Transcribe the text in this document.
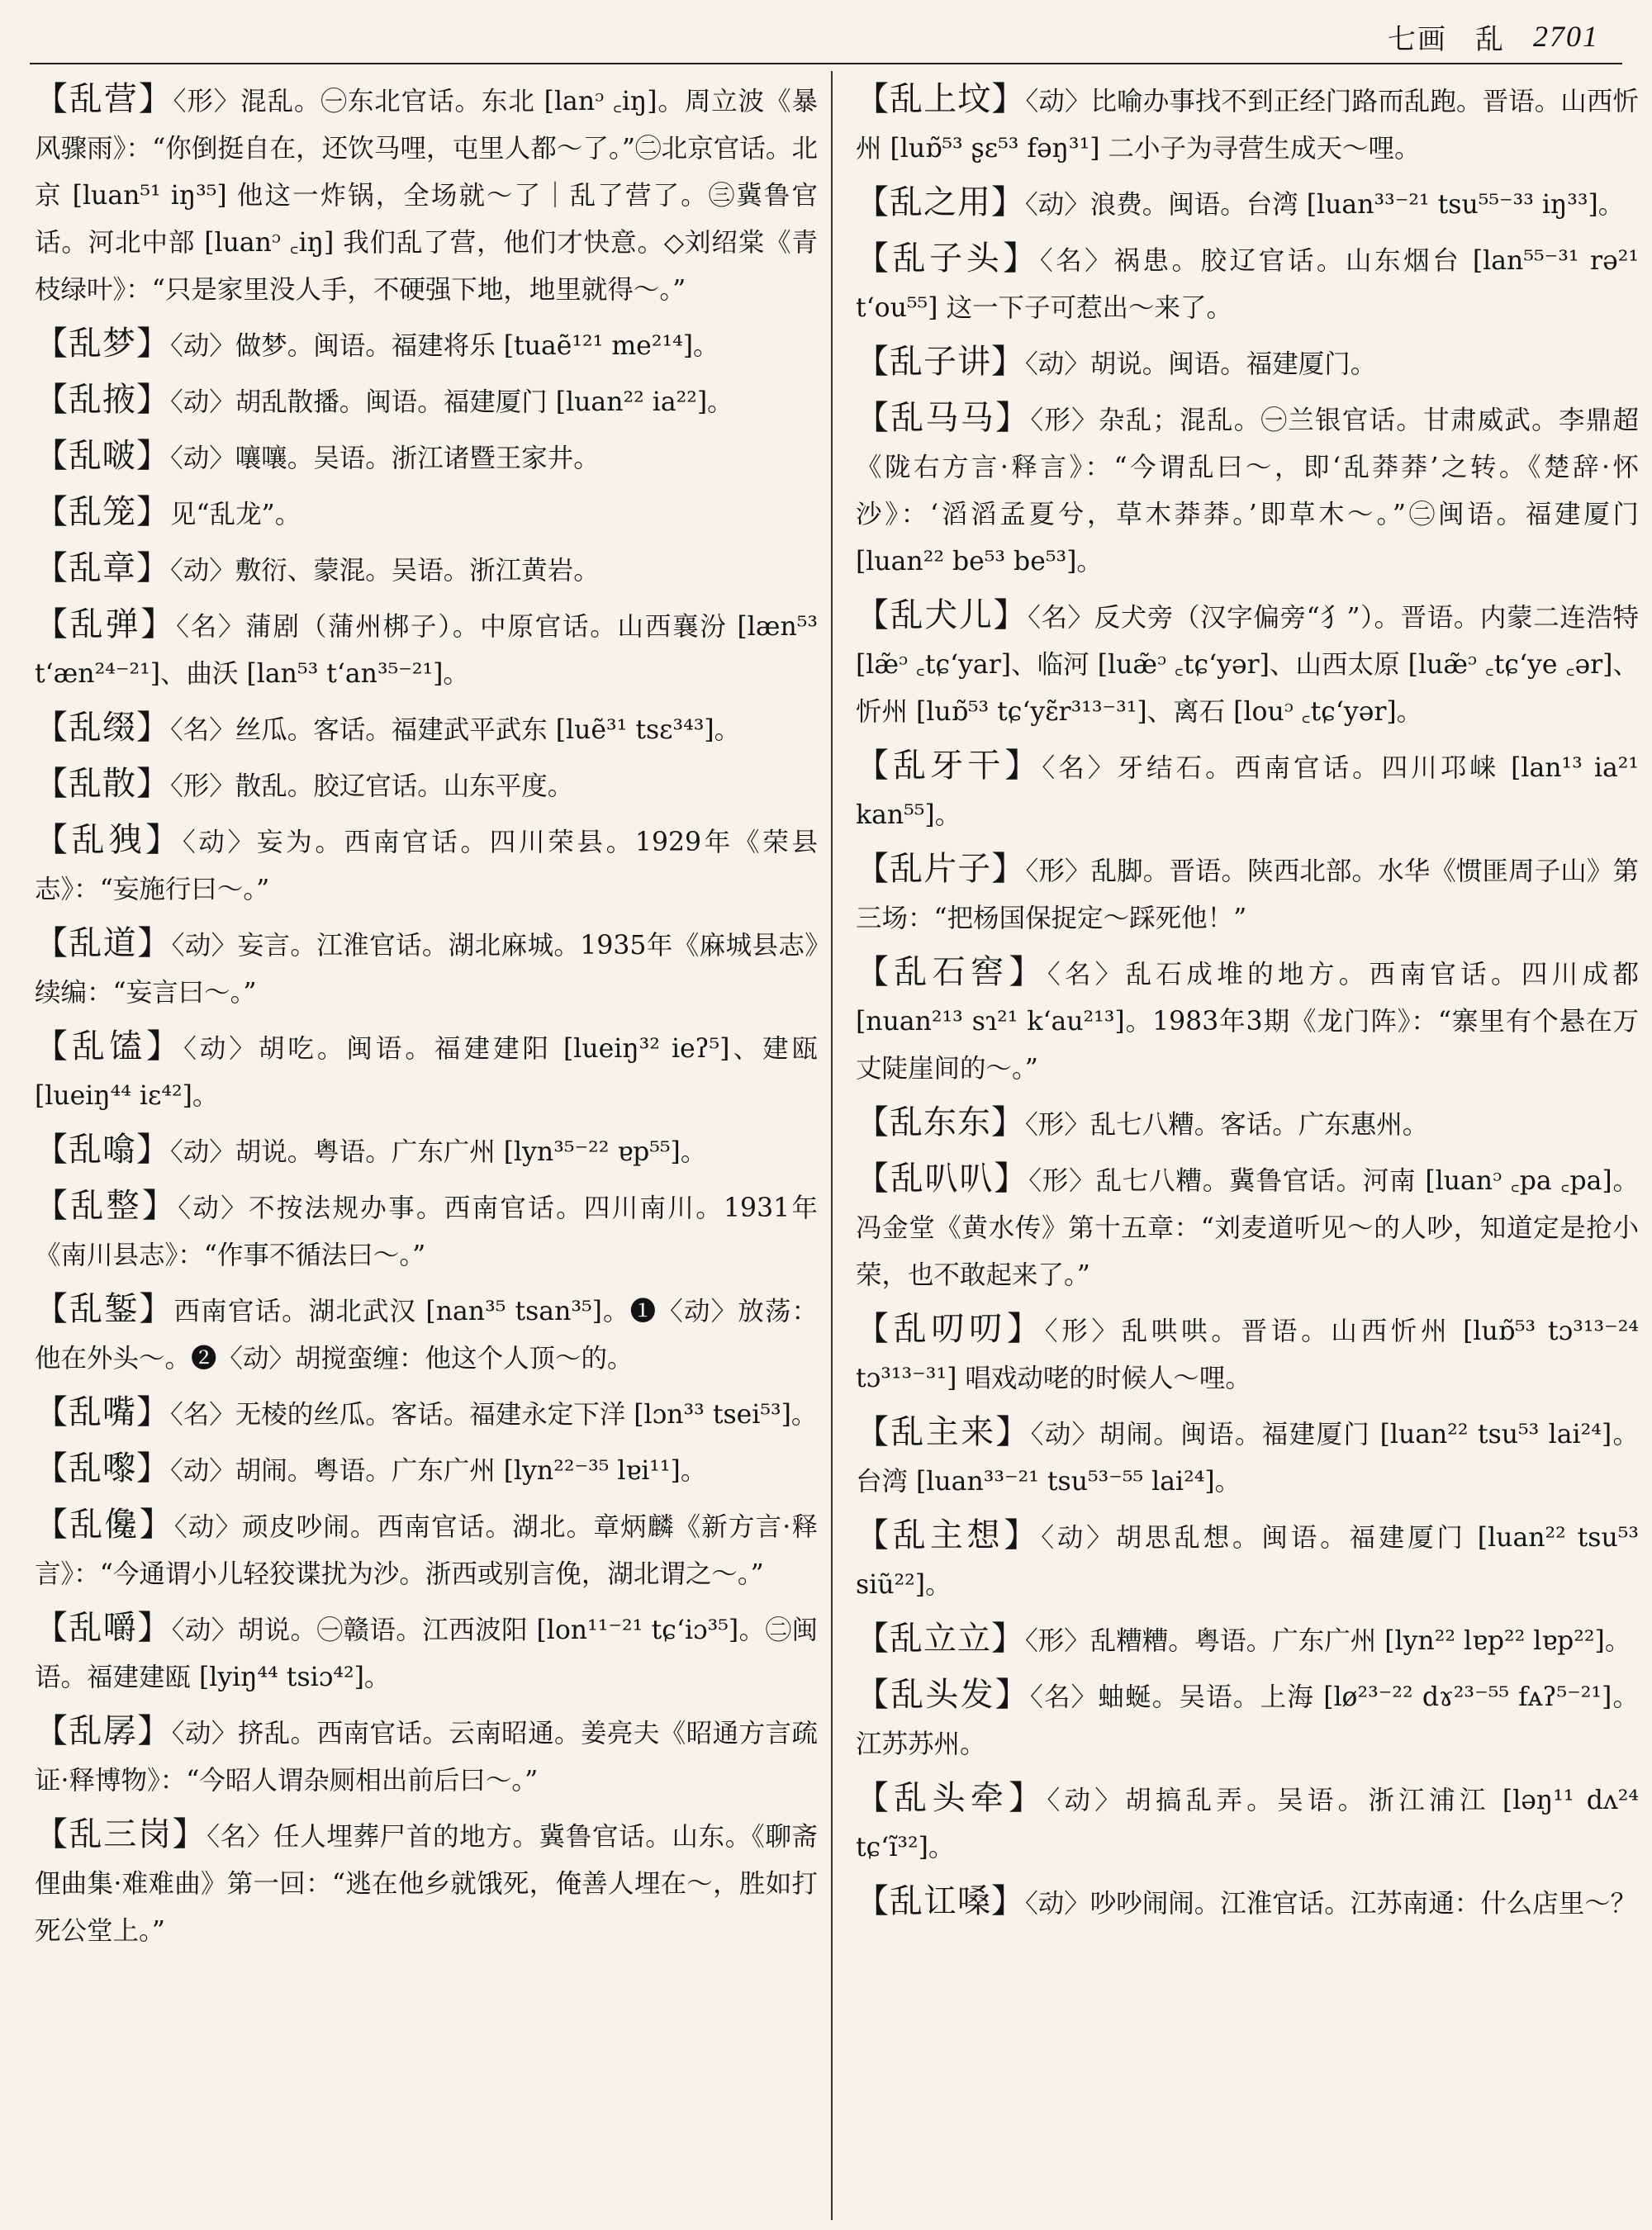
七画 乱 2701
【乱营】〈形〉混乱。㊀东北官话。东北 [lanᵓ ꜀iŋ]。周立波《暴风骤雨》：“你倒挺自在，还饮马哩，屯里人都～了。”㊁北京官话。北京 [luan⁵¹ iŋ³⁵] 他这一炸锅，全场就～了｜乱了营了。㊂冀鲁官话。河北中部 [luanᵓ ꜀iŋ] 我们乱了营，他们才快意。◇刘绍棠《青枝绿叶》：“只是家里没人手，不硬强下地，地里就得～。”
【乱梦】〈动〉做梦。闽语。福建将乐 [tuaẽ¹²¹ me²¹⁴]。
【乱掖】〈动〉胡乱散播。闽语。福建厦门 [luan²² ia²²]。
【乱啵】〈动〉嚷嚷。吴语。浙江诸暨王家井。
【乱笼】见“乱龙”。
【乱章】〈动〉敷衍、蒙混。吴语。浙江黄岩。
【乱弹】〈名〉蒲剧（蒲州梆子）。中原官话。山西襄汾 [læn⁵³ tʻæn²⁴⁻²¹]、曲沃 [lan⁵³ tʻan³⁵⁻²¹]。
【乱缀】〈名〉丝瓜。客话。福建武平武东 [luẽ³¹ tsɛ³⁴³]。
【乱散】〈形〉散乱。胶辽官话。山东平度。
【乱㹭】〈动〉妄为。西南官话。四川荣县。1929年《荣县志》：“妄施行曰～。”
【乱道】〈动〉妄言。江淮官话。湖北麻城。1935年《麻城县志》续编：“妄言曰～。”
【乱馌】〈动〉胡吃。闽语。福建建阳 [lueiŋ³² ieʔ⁵]、建瓯 [lueiŋ⁴⁴ iɛ⁴²]。
【乱噏】〈动〉胡说。粤语。广东广州 [lyn³⁵⁻²² ɐp⁵⁵]。
【乱整】〈动〉不按法规办事。西南官话。四川南川。1931年《南川县志》：“作事不循法曰～。”
【乱錾】西南官话。湖北武汉 [nan³⁵ tsan³⁵]。❶〈动〉放荡：他在外头～。❷〈动〉胡搅蛮缠：他这个人顶～的。
【乱嘴】〈名〉无棱的丝瓜。客话。福建永定下洋 [lɔn³³ tsei⁵³]。
【乱嚟】〈动〉胡闹。粤语。广东广州 [lyn²²⁻³⁵ lɐi¹¹]。
【乱儳】〈动〉顽皮吵闹。西南官话。湖北。章炳麟《新方言·释言》：“今通谓小儿轻狡谍扰为沙。浙西或别言俛，湖北谓之～。”
【乱嚼】〈动〉胡说。㊀赣语。江西波阳 [lon¹¹⁻²¹ tɕʻiɔ³⁵]。㊁闽语。福建建瓯 [lyiŋ⁴⁴ tsiɔ⁴²]。
【乱孱】〈动〉挤乱。西南官话。云南昭通。姜亮夫《昭通方言疏证·释博物》：“今昭人谓杂厕相出前后曰～。”
【乱三岗】〈名〉任人埋葬尸首的地方。冀鲁官话。山东。《聊斋俚曲集·难难曲》第一回：“逃在他乡就饿死，俺善人埋在～，胜如打死公堂上。”
【乱上坟】〈动〉比喻办事找不到正经门路而乱跑。晋语。山西忻州 [luɒ̃⁵³ ʂɛ⁵³ fəŋ³¹] 二小子为寻营生成天～哩。
【乱之用】〈动〉浪费。闽语。台湾 [luan³³⁻²¹ tsu⁵⁵⁻³³ iŋ³³]。
【乱子头】〈名〉祸患。胶辽官话。山东烟台 [lan⁵⁵⁻³¹ rə²¹ tʻou⁵⁵] 这一下子可惹出～来了。
【乱子讲】〈动〉胡说。闽语。福建厦门。
【乱马马】〈形〉杂乱；混乱。㊀兰银官话。甘肃威武。李鼎超《陇右方言·释言》：“今谓乱曰～，即‘乱莽莽’之转。《楚辞·怀沙》：‘滔滔孟夏兮，草木莽莽。’即草木～。”㊁闽语。福建厦门 [luan²² be⁵³ be⁵³]。
【乱犬儿】〈名〉反犬旁（汉字偏旁“犭”）。晋语。内蒙二连浩特 [læ̃ᵓ ꜀tɕʻyar]、临河 [luæ̃ᵓ ꜀tɕʻyər]、山西太原 [luæ̃ᵓ ꜀tɕʻye ꜀ər]、忻州 [luɒ̃⁵³ tɕʻyɛ̃r³¹³⁻³¹]、离石 [louᵓ ꜀tɕʻyər]。
【乱牙干】〈名〉牙结石。西南官话。四川邛崃 [lan¹³ ia²¹ kan⁵⁵]。
【乱片子】〈形〉乱脚。晋语。陕西北部。水华《惯匪周子山》第三场：“把杨国保捉定～踩死他！”
【乱石窖】〈名〉乱石成堆的地方。西南官话。四川成都 [nuan²¹³ sɿ²¹ kʻau²¹³]。1983年3期《龙门阵》：“寨里有个悬在万丈陡崖间的～。”
【乱东东】〈形〉乱七八糟。客话。广东惠州。
【乱叭叭】〈形〉乱七八糟。冀鲁官话。河南 [luanᵓ ꜀pa ꜀pa]。冯金堂《黄水传》第十五章：“刘麦道听见～的人吵，知道定是抢小荣，也不敢起来了。”
【乱叨叨】〈形〉乱哄哄。晋语。山西忻州 [luɒ̃⁵³ tɔ³¹³⁻²⁴ tɔ³¹³⁻³¹] 唱戏动咾的时候人～哩。
【乱主来】〈动〉胡闹。闽语。福建厦门 [luan²² tsu⁵³ lai²⁴]。台湾 [luan³³⁻²¹ tsu⁵³⁻⁵⁵ lai²⁴]。
【乱主想】〈动〉胡思乱想。闽语。福建厦门 [luan²² tsu⁵³ siũ²²]。
【乱立立】〈形〉乱糟糟。粤语。广东广州 [lyn²² lɐp²² lɐp²²]。
【乱头发】〈名〉蚰蜒。吴语。上海 [lø²³⁻²² dɤ²³⁻⁵⁵ fᴀʔ⁵⁻²¹]。江苏苏州。
【乱头牵】〈动〉胡搞乱弄。吴语。浙江浦江 [ləŋ¹¹ dʌ²⁴ tɕʻĩ³²]。
【乱讧嗓】〈动〉吵吵闹闹。江淮官话。江苏南通：什么店里～？
